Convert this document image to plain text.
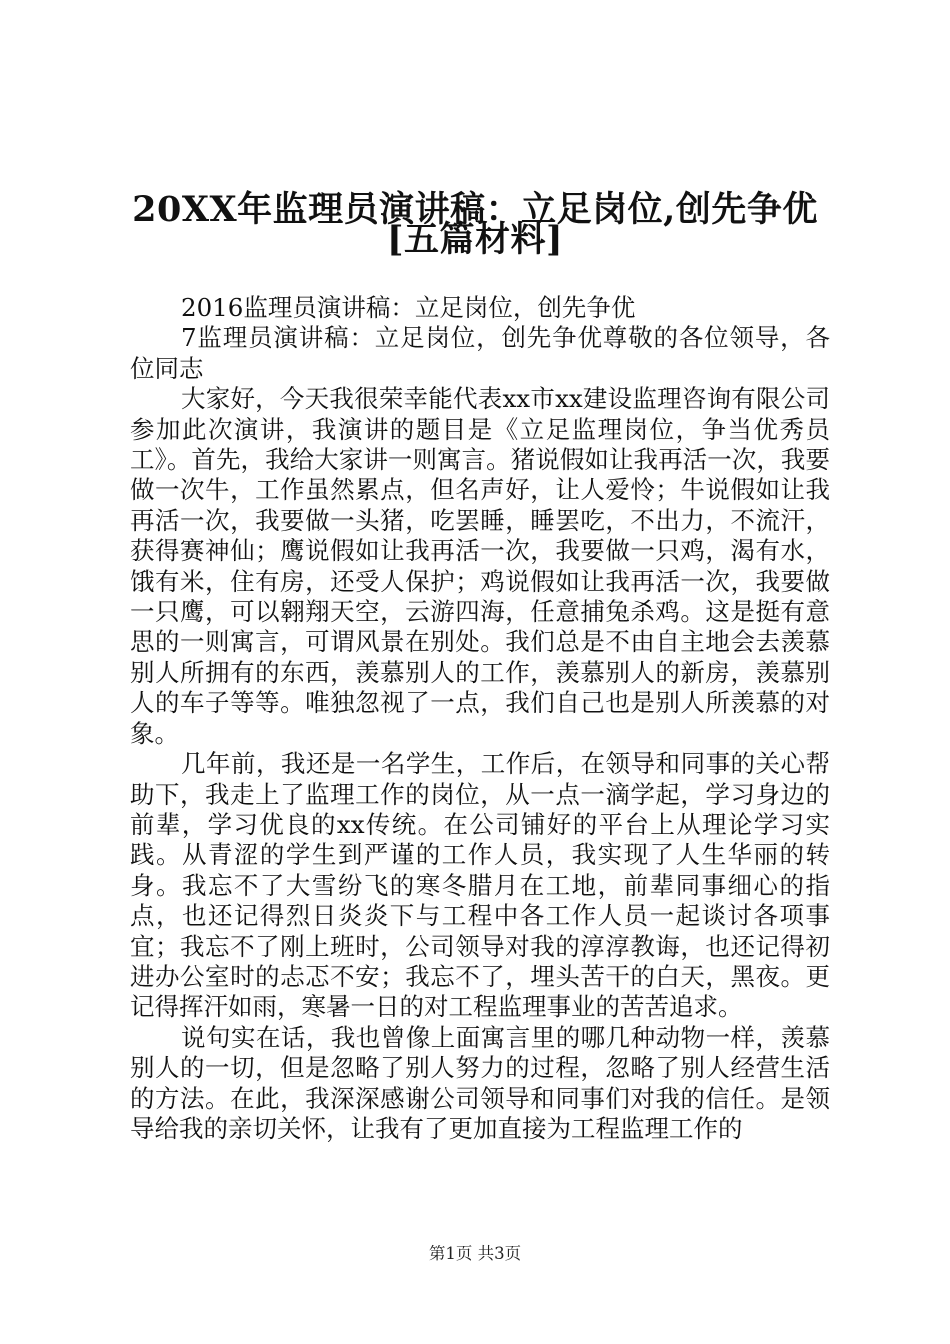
20XX年监理员演讲稿：立足岗位,创先争优
[五篇材料]

2016监理员演讲稿：立足岗位，创先争优

7监理员演讲稿：立足岗位，创先争优尊敬的各位领导，各位同志

大家好，今天我很荣幸能代表xx市xx建设监理咨询有限公司参加此次演讲，我演讲的题目是《立足监理岗位，争当优秀员工》。首先，我给大家讲一则寓言。猪说假如让我再活一次，我要做一次牛，工作虽然累点，但名声好，让人爱怜；牛说假如让我再活一次，我要做一头猪，吃罢睡，睡罢吃，不出力，不流汗，获得赛神仙；鹰说假如让我再活一次，我要做一只鸡，渴有水，饿有米，住有房，还受人保护；鸡说假如让我再活一次，我要做一只鹰，可以翱翔天空，云游四海，任意捕兔杀鸡。这是挺有意思的一则寓言，可谓风景在别处。我们总是不由自主地会去羡慕别人所拥有的东西，羡慕别人的工作，羡慕别人的新房，羡慕别人的车子等等。唯独忽视了一点，我们自己也是别人所羡慕的对象。

几年前，我还是一名学生，工作后，在领导和同事的关心帮助下，我走上了监理工作的岗位，从一点一滴学起，学习身边的前辈，学习优良的xx传统。在公司铺好的平台上从理论学习实践。从青涩的学生到严谨的工作人员，我实现了人生华丽的转身。我忘不了大雪纷飞的寒冬腊月在工地，前辈同事细心的指点，也还记得烈日炎炎下与工程中各工作人员一起谈讨各项事宜；我忘不了刚上班时，公司领导对我的淳淳教诲，也还记得初进办公室时的忐忑不安；我忘不了，埋头苦干的白天，黑夜。更记得挥汗如雨，寒暑一日的对工程监理事业的苦苦追求。

说句实在话，我也曾像上面寓言里的哪几种动物一样，羡慕别人的一切，但是忽略了别人努力的过程，忽略了别人经营生活的方法。在此，我深深感谢公司领导和同事们对我的信任。是领导给我的亲切关怀，让我有了更加直接为工程监理工作的

第1页 共3页
